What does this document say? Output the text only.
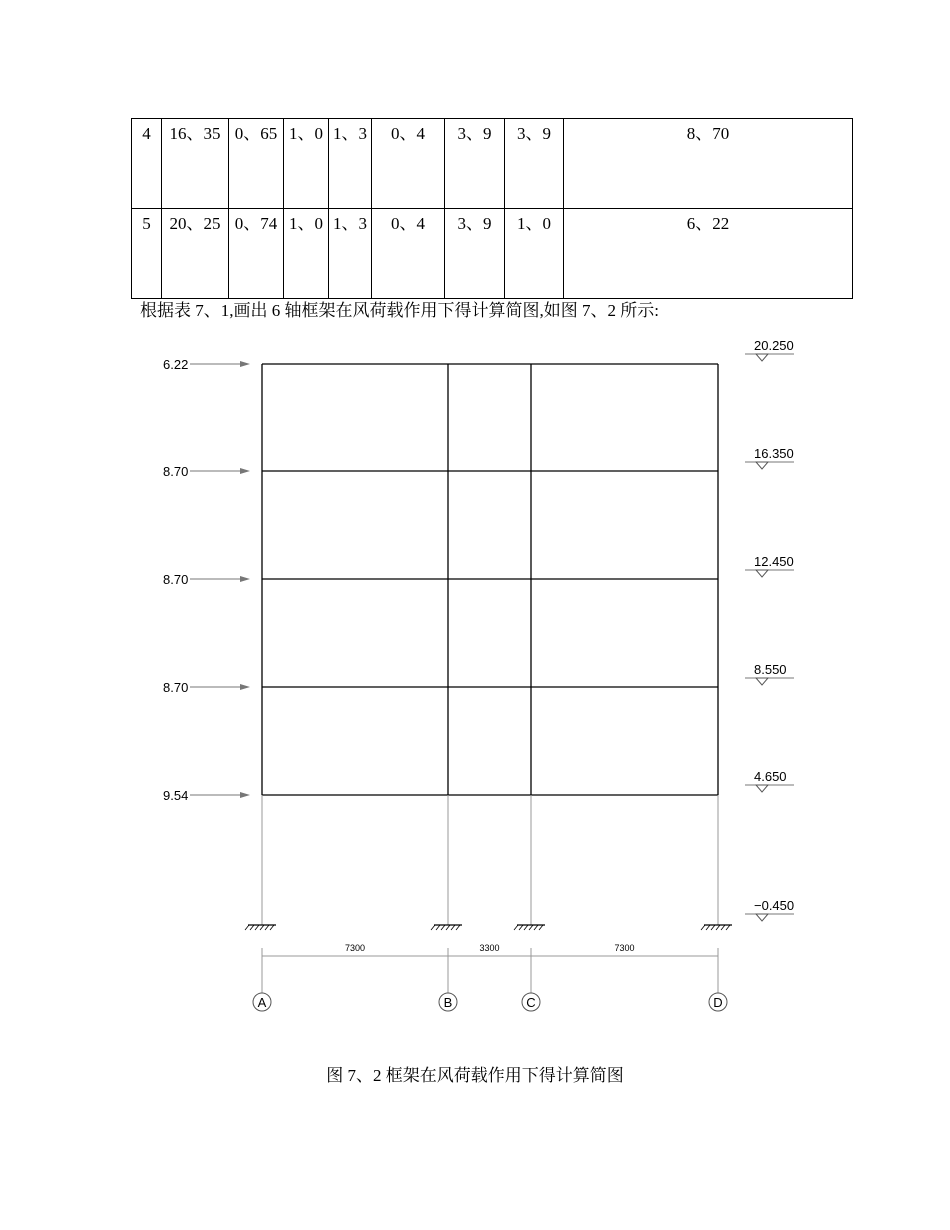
4	16、35	0、65	1、0	1、3	0、4	3、9	3、9	8、70
5	20、25	0、74	1、0	1、3	0、4	3、9	1、0	6、22
根据表 7、1,画出 6 轴框架在风荷载作用下得计算简图,如图 7、2 所示:
6.22
8.70
8.70
8.70
9.54
20.250
16.350
12.450
8.550
4.650
−0.450
7300	3300	7300
A	B	C	D
图 7、2 框架在风荷载作用下得计算简图
